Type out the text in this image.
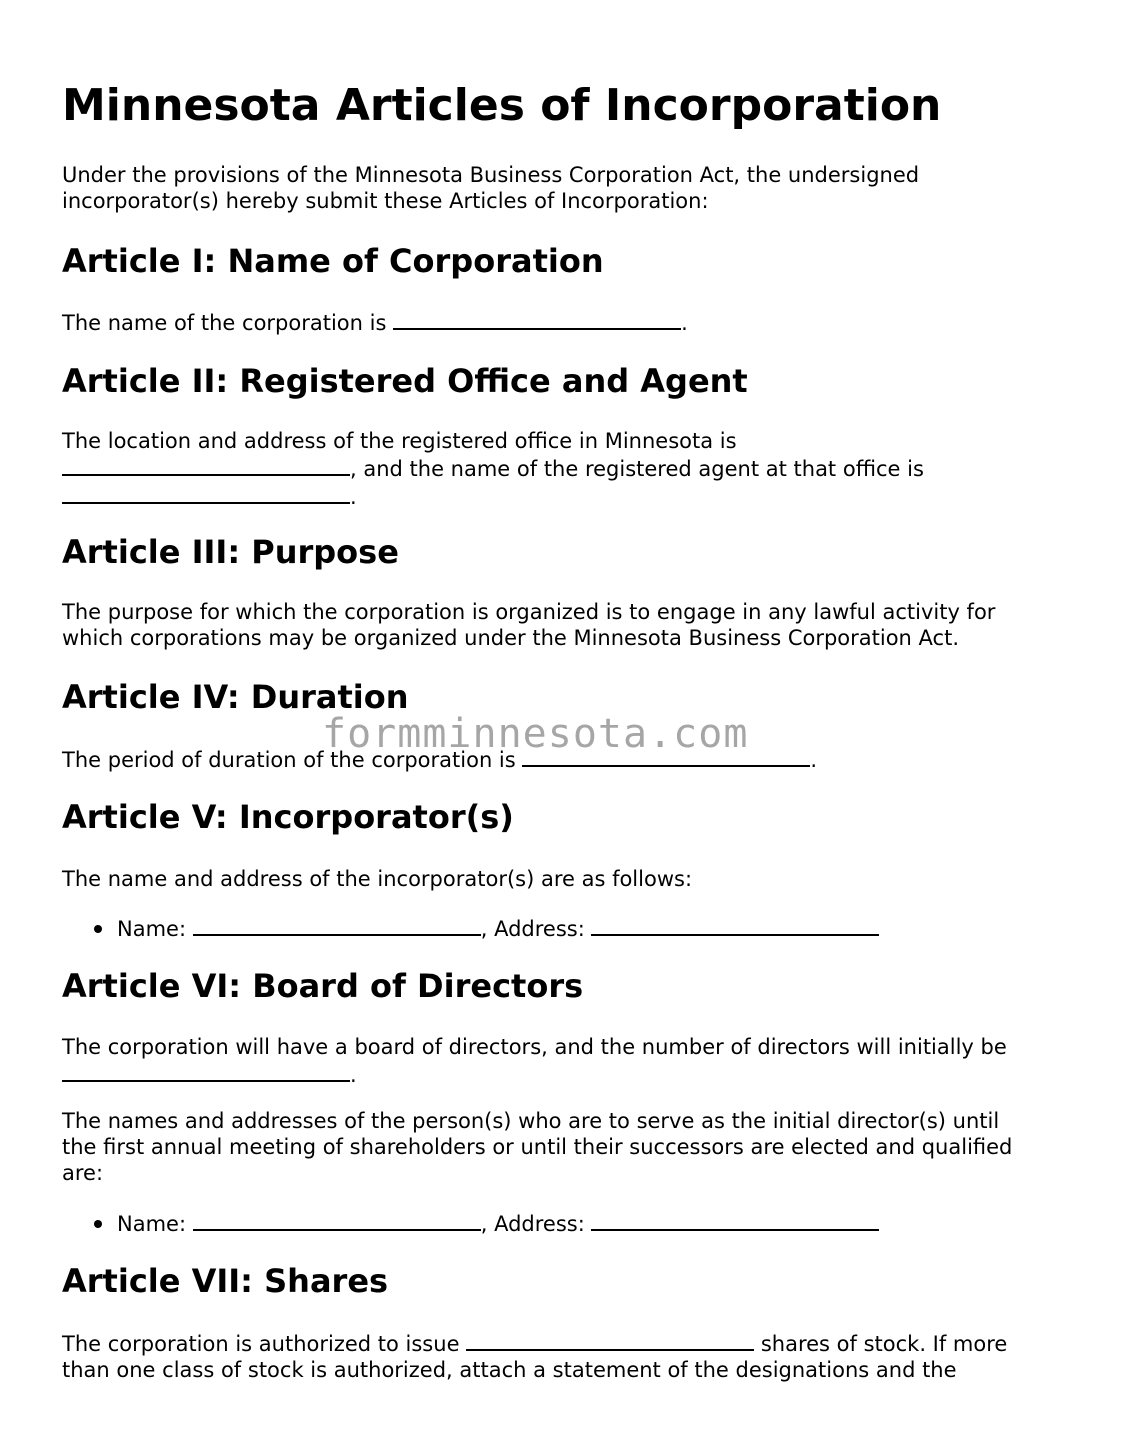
Minnesota Articles of Incorporation
Under the provisions of the Minnesota Business Corporation Act, the undersigned
incorporator(s) hereby submit these Articles of Incorporation:
Article I: Name of Corporation
The name of the corporation is	.
Article II: Registered Office and Agent
The location and address of the registered office in Minnesota is
, and the name of the registered agent at that office is
.
Article III: Purpose
The purpose for which the corporation is organized is to engage in any lawful activity for
which corporations may be organized under the Minnesota Business Corporation Act.
Article IV: Duration
The period of duration of the corporation is	.
Article V: Incorporator(s)
The name and address of the incorporator(s) are as follows:
Name:	, Address:
Article VI: Board of Directors
The corporation will have a board of directors, and the number of directors will initially be
.
The names and addresses of the person(s) who are to serve as the initial director(s) until
the first annual meeting of shareholders or until their successors are elected and qualified
are:
Name:	, Address:
Article VII: Shares
The corporation is authorized to issue	shares of stock. If more
than one class of stock is authorized, attach a statement of the designations and the
formminnesota.com
